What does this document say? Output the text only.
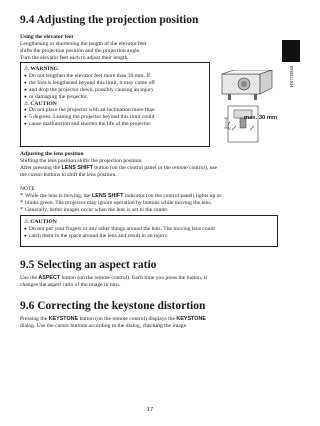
ENGLISH
9.4 Adjusting the projection position
Using the elevator feet
Lengthening or shortening the length of the elevator feet
shifts the projection position and the projection angle.
Turn the elevator feet each to adjust their length.
⚠ WARNING
● Do not lengthen the elevator feet more than 30 mm. If
● the foot is lengthened beyond this limit, it may come off
● and drop the projector down, possibly causing an injury
● or damaging the projector.
⚠ CAUTION
● Do not place the projector with an inclination more than
● 5 degrees. Leaning the projector beyond this limit could
● cause malfunction and shorten the life of the projector.
max. 30 mm
Adjusting the lens position
Shifting the lens position shifts the projection position.
After pressing the LENS SHIFT button (on the control panel or the remote control), use
the cursor buttons to shift the lens position.
NOTE
* While the lens is moving, the LENS SHIFT indicator (on the control panel) lights up or
* blinks green. The projector may ignore operation by buttons while moving the lens.
* Generally, better images occur when the lens is set to the center.
⚠ CAUTION
● Do not put your fingers or any other things around the lens. The moving lens could
● catch them in the space around the lens and result in an injury.
9.5 Selecting an aspect ratio
Use the ASPECT button (on the remote control). Each time you press the button, it
changes the aspect ratio of the image in turn.
9.6 Correcting the keystone distortion
Pressing the KEYSTONE button (on the remote control) displays the KEYSTONE
dialog. Use the cursor buttons according to the dialog, checking the image.
17
